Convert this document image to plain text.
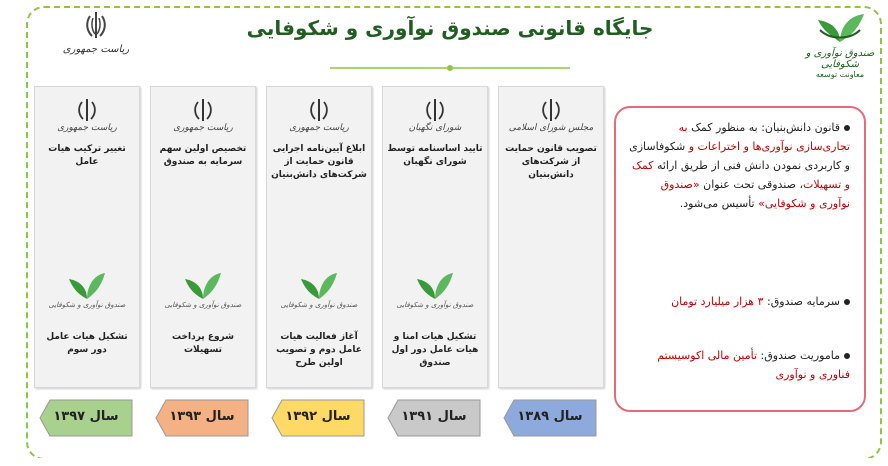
صندوق نوآوری و شکوفایی
معاونت توسعه
ریاست جمهوری
جایگاه قانونی صندوق نوآوری و شکوفایی
مجلس شورای اسلامی
تصویب قانون حمایت از شرکت‌های دانش‌بنیان
سال ۱۳۸۹
شورای نگهبان
تایید اساسنامه توسط شورای نگهبان
صندوق نوآوری و شکوفایی
تشکیل هیات امنا و هیات عامل دور اول صندوق
سال ۱۳۹۱
ریاست جمهوری
ابلاغ آیین‌نامه اجرایی قانون حمایت از شرکت‌های دانش‌بنیان
صندوق نوآوری و شکوفایی
آغاز فعالیت هیات عامل دوم و تصویب اولین طرح
سال ۱۳۹۲
ریاست جمهوری
تخصیص اولین سهم سرمایه به صندوق
صندوق نوآوری و شکوفایی
شروع پرداخت تسهیلات
سال ۱۳۹۳
ریاست جمهوری
تغییر ترکیب هیات عامل
صندوق نوآوری و شکوفایی
تشکیل هیات عامل دور سوم
سال ۱۳۹۷
قانون دانش‌بنیان: به منظور کمک به تجاری‌سازی نوآوری‌ها و اختراعات و شکوفاسازی و کاربردی نمودن دانش فنی از طریق ارائه کمک و تسهیلات، صندوقی تحت عنوان «صندوق نوآوری و شکوفایی» تأسیس می‌شود.
سرمایه صندوق: ۳ هزار میلیارد تومان
ماموریت صندوق: تأمین مالی اکوسیستم فناوری و نوآوری
